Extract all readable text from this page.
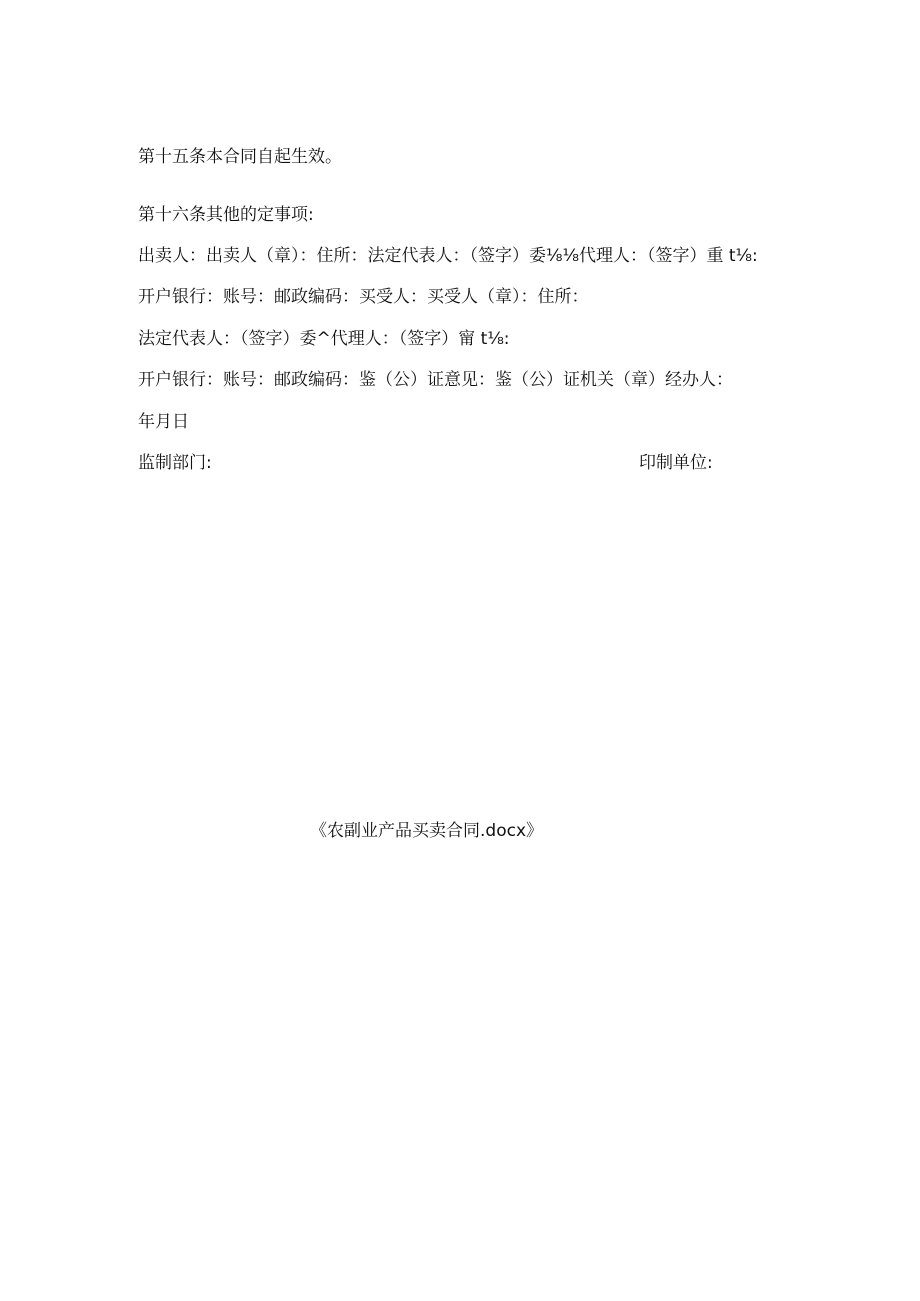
第十五条本合同自起生效。
第十六条其他的定事项:
出卖人：出卖人（章）：住所：法定代表人：（签字）委⅛⅛代理人：（签字）重 t⅛:
开户银行：账号：邮政编码：买受人：买受人（章）：住所：
法定代表人：（签字）委^代理人：（签字）甯 t⅛:
开户银行：账号：邮政编码：鉴（公）证意见：鉴（公）证机关（章）经办人：
年月日
监制部门:	印制单位:
《农副业产品买卖合同.docx》
